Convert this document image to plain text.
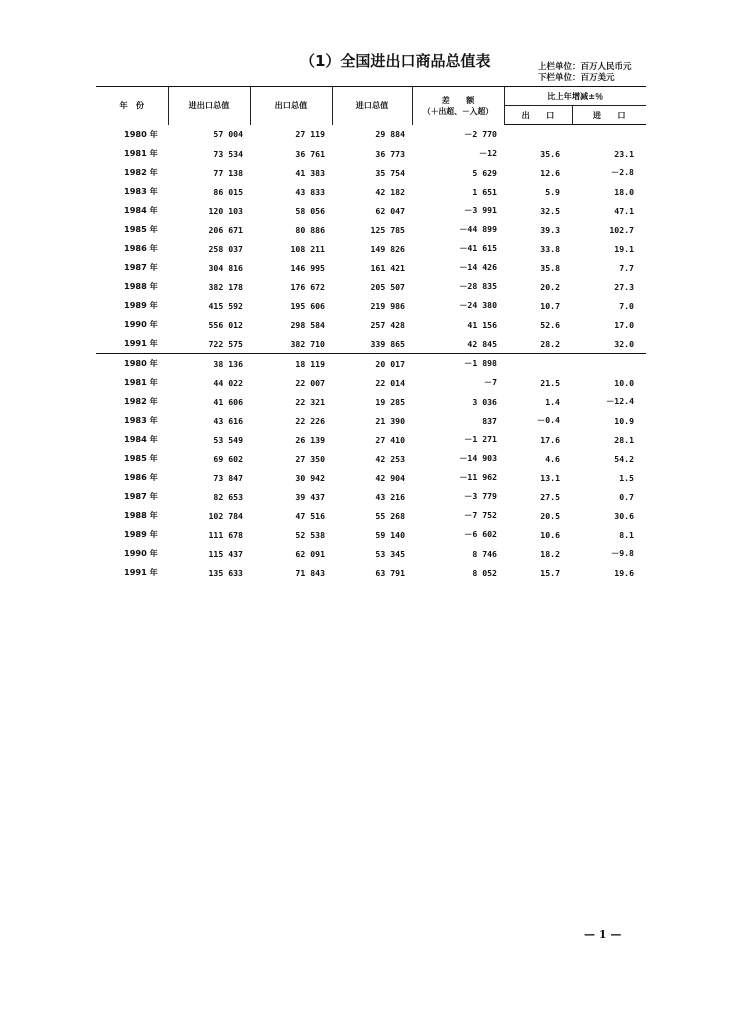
（1）全国进出口商品总值表	上栏单位：百万人民币元
下栏单位：百万美元
年　份	进出口总值	出口总值	进口总值	差　　额
（＋出超、－入超）	比上年增减±％	
					出　　口	进　　口
1980 年	57 004	27 119	29 884	－2 770		
1981 年	73 534	36 761	36 773	－12	35.6	23.1
1982 年	77 138	41 383	35 754	5 629	12.6	－2.8
1983 年	86 015	43 833	42 182	1 651	5.9	18.0
1984 年	120 103	58 056	62 047	－3 991	32.5	47.1
1985 年	206 671	80 886	125 785	－44 899	39.3	102.7
1986 年	258 037	108 211	149 826	－41 615	33.8	19.1
1987 年	304 816	146 995	161 421	－14 426	35.8	7.7
1988 年	382 178	176 672	205 507	－28 835	20.2	27.3
1989 年	415 592	195 606	219 986	－24 380	10.7	7.0
1990 年	556 012	298 584	257 428	41 156	52.6	17.0
1991 年	722 575	382 710	339 865	42 845	28.2	32.0
1980 年	38 136	18 119	20 017	－1 898		
1981 年	44 022	22 007	22 014	－7	21.5	10.0
1982 年	41 606	22 321	19 285	3 036	1.4	－12.4
1983 年	43 616	22 226	21 390	837	－0.4	10.9
1984 年	53 549	26 139	27 410	－1 271	17.6	28.1
1985 年	69 602	27 350	42 253	－14 903	4.6	54.2
1986 年	73 847	30 942	42 904	－11 962	13.1	1.5
1987 年	82 653	39 437	43 216	－3 779	27.5	0.7
1988 年	102 784	47 516	55 268	－7 752	20.5	30.6
1989 年	111 678	52 538	59 140	－6 602	10.6	8.1
1990 年	115 437	62 091	53 345	8 746	18.2	－9.8
1991 年	135 633	71 843	63 791	8 052	15.7	19.6
— 1 —
